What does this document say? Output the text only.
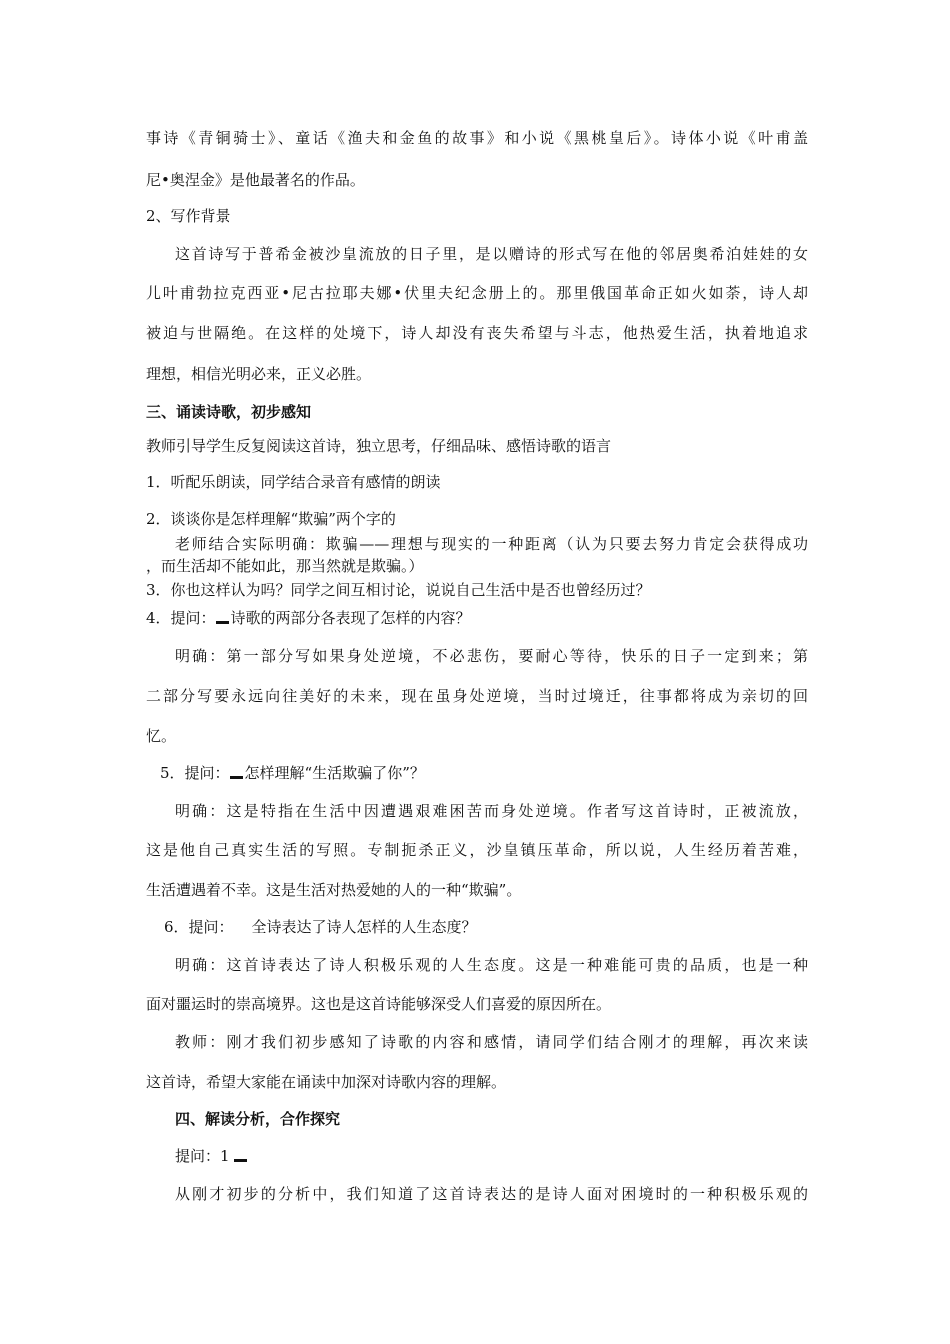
事诗《青铜骑士》、童话《渔夫和金鱼的故事》和小说《黑桃皇后》。诗体小说《叶甫盖
尼•奥涅金》是他最著名的作品。
2、写作背景
这首诗写于普希金被沙皇流放的日子里，是以赠诗的形式写在他的邻居奥希泊娃娃的女
儿叶甫勃拉克西亚•尼古拉耶夫娜•伏里夫纪念册上的。那里俄国革命正如火如荼，诗人却
被迫与世隔绝。在这样的处境下，诗人却没有丧失希望与斗志，他热爱生活，执着地追求
理想，相信光明必来，正义必胜。
三、诵读诗歌，初步感知
教师引导学生反复阅读这首诗，独立思考，仔细品味、感悟诗歌的语言
1．听配乐朗读，同学结合录音有感情的朗读
2．谈谈你是怎样理解“欺骗”两个字的
老师结合实际明确：欺骗——理想与现实的一种距离（认为只要去努力肯定会获得成功
，而生活却不能如此，那当然就是欺骗。）
3．你也这样认为吗？同学之间互相讨论，说说自己生活中是否也曾经历过？
4．提问： 诗歌的两部分各表现了怎样的内容？
明确：第一部分写如果身处逆境，不必悲伤，要耐心等待，快乐的日子一定到来；第
二部分写要永远向往美好的未来，现在虽身处逆境，当时过境迁，往事都将成为亲切的回
忆。
5．提问： 怎样理解“生活欺骗了你”？
明确：这是特指在生活中因遭遇艰难困苦而身处逆境。作者写这首诗时，正被流放，
这是他自己真实生活的写照。专制扼杀正义，沙皇镇压革命，所以说，人生经历着苦难，
生活遭遇着不幸。这是生活对热爱她的人的一种“欺骗”。
6．提问： 全诗表达了诗人怎样的人生态度？
明确：这首诗表达了诗人积极乐观的人生态度。这是一种难能可贵的品质，也是一种
面对噩运时的崇高境界。这也是这首诗能够深受人们喜爱的原因所在。
教师：刚才我们初步感知了诗歌的内容和感情，请同学们结合刚才的理解，再次来读
这首诗，希望大家能在诵读中加深对诗歌内容的理解。
四、解读分析，合作探究
提问：1
从刚才初步的分析中，我们知道了这首诗表达的是诗人面对困境时的一种积极乐观的
